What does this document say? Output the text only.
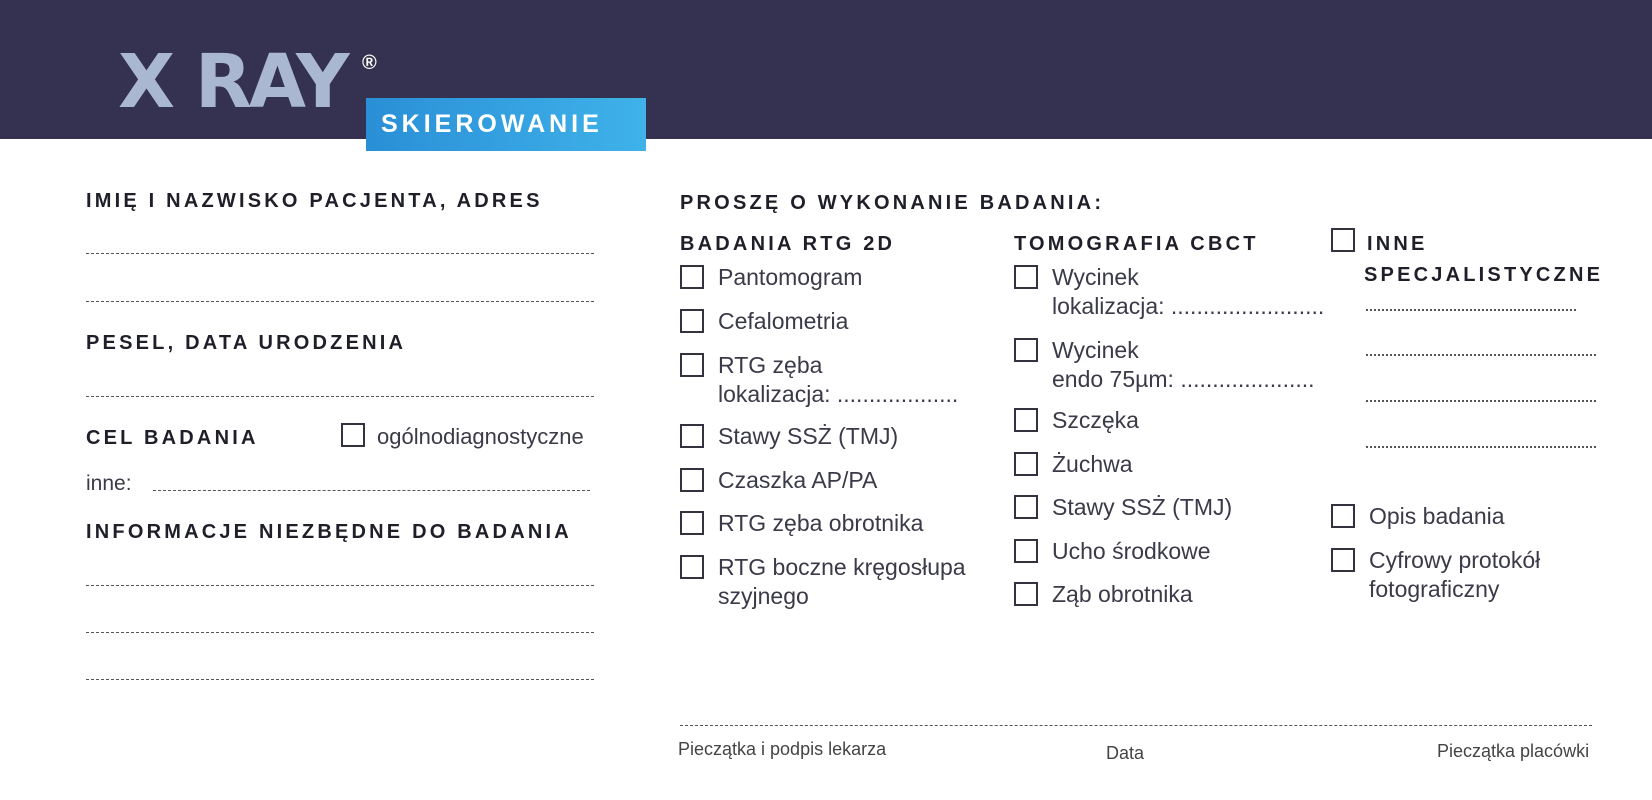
X RAY ®
SKIEROWANIE
IMIĘ I NAZWISKO PACJENTA, ADRES
PESEL, DATA URODZENIA
CEL BADANIA	ogólnodiagnostyczne
inne:
INFORMACJE NIEZBĘDNE DO BADANIA
PROSZĘ O WYKONANIE BADANIA:
BADANIA RTG 2D
Pantomogram
Cefalometria
RTG zęba
lokalizacja: ...................
Stawy SSŻ (TMJ)
Czaszka AP/PA
RTG zęba obrotnika
RTG boczne kręgosłupa
szyjnego
TOMOGRAFIA CBCT
Wycinek
lokalizacja: ........................
Wycinek
endo 75µm: .....................
Szczęka
Żuchwa
Stawy SSŻ (TMJ)
Ucho środkowe
Ząb obrotnika
INNE
SPECJALISTYCZNE
Opis badania
Cyfrowy protokół
fotograficzny
Pieczątka i podpis lekarza	Data	Pieczątka placówki
